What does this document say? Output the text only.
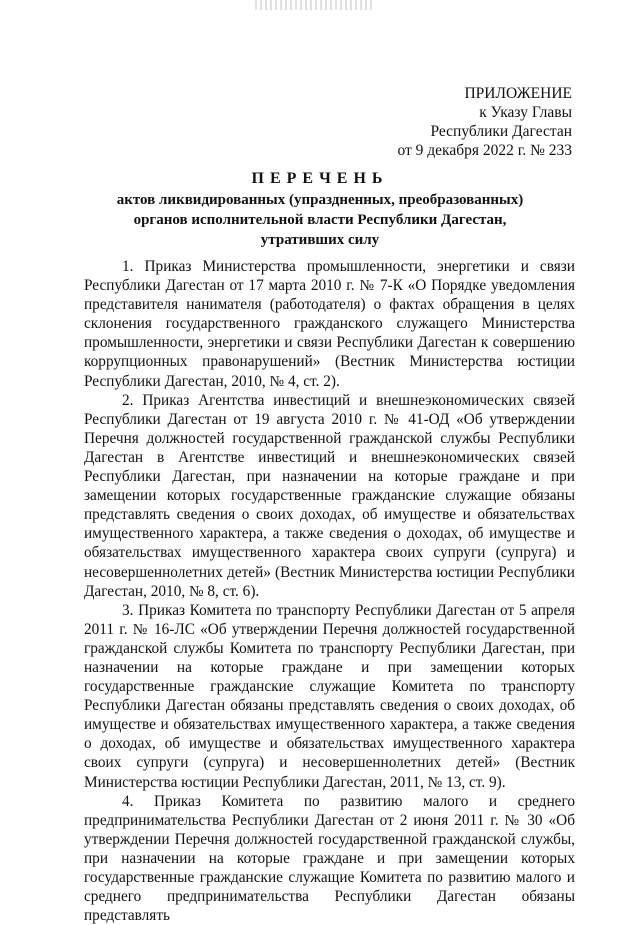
ПРИЛОЖЕНИЕ
к Указу Главы
Республики Дагестан
от 9 декабря 2022 г. № 233
ПЕРЕЧЕНЬ
актов ликвидированных (упраздненных, преобразованных)
органов исполнительной власти Республики Дагестан,
утративших силу

1. Приказ Министерства промышленности, энергетики и связи Республики Дагестан от 17 марта 2010 г. № 7-К «О Порядке уведомления представителя нанимателя (работодателя) о фактах обращения в целях склонения государственного гражданского служащего Министерства промышленности, энергетики и связи Республики Дагестан к совершению коррупционных правонарушений» (Вестник Министерства юстиции Республики Дагестан, 2010, № 4, ст. 2).

2. Приказ Агентства инвестиций и внешнеэкономических связей Республики Дагестан от 19 августа 2010 г. № 41-ОД «Об утверждении Перечня должностей государственной гражданской службы Республики Дагестан в Агентстве инвестиций и внешнеэкономических связей Республики Дагестан, при назначении на которые граждане и при замещении которых государственные гражданские служащие обязаны представлять сведения о своих доходах, об имуществе и обязательствах имущественного характера, а также сведения о доходах, об имуществе и обязательствах имущественного характера своих супруги (супруга) и несовершеннолетних детей» (Вестник Министерства юстиции Республики Дагестан, 2010, № 8, ст. 6).

3. Приказ Комитета по транспорту Республики Дагестан от 5 апреля 2011 г. № 16-ЛС «Об утверждении Перечня должностей государственной гражданской службы Комитета по транспорту Республики Дагестан, при назначении на которые граждане и при замещении которых государственные гражданские служащие Комитета по транспорту Республики Дагестан обязаны представлять сведения о своих доходах, об имуществе и обязательствах имущественного характера, а также сведения о доходах, об имуществе и обязательствах имущественного характера своих супруги (супруга) и несовершеннолетних детей» (Вестник Министерства юстиции Республики Дагестан, 2011, № 13, ст. 9).

4. Приказ Комитета по развитию малого и среднего предпринимательства Республики Дагестан от 2 июня 2011 г. № 30 «Об утверждении Перечня должностей государственной гражданской службы, при назначении на которые граждане и при замещении которых государственные гражданские служащие Комитета по развитию малого и среднего предпринимательства Республики Дагестан обязаны представлять
